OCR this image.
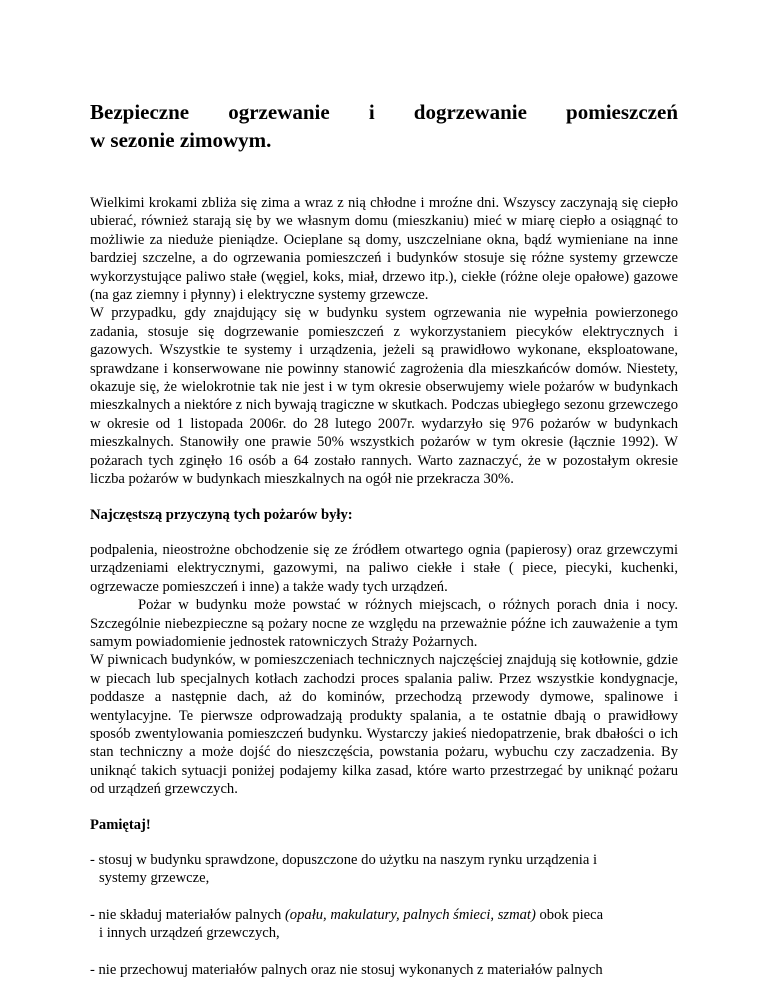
Bezpieczne ogrzewanie i dogrzewanie pomieszczeń
w sezonie zimowym.

Wielkimi krokami zbliża się zima a wraz z nią chłodne i mroźne dni. Wszyscy zaczynają się ciepło ubierać, również starają się by we własnym domu (mieszkaniu) mieć w miarę ciepło a osiągnąć to możliwie za niedużе pieniądze. Ocieplane są domy, uszczelniane okna, bądź wymieniane na inne bardziej szczelne, a do ogrzewania pomieszczeń i budynków stosuje się różne systemy grzewcze wykorzystujące paliwo stałe (węgiel, koks, miał, drzewo itp.), ciekłe (różne oleje opałowe) gazowe (na gaz ziemny i płynny) i elektryczne systemy grzewcze.

W przypadku, gdy znajdujący się w budynku system ogrzewania nie wypełnia powierzonego zadania, stosuje się dogrzewanie pomieszczeń z wykorzystaniem piecyków elektrycznych i gazowych. Wszystkie te systemy i urządzenia, jeżeli są prawidłowo wykonane, eksploatowane, sprawdzane i konserwowane nie powinny stanowić zagrożenia dla mieszkańców domów. Niestety, okazuje się, że wielokrotnie tak nie jest i w tym okresie obserwujemy wiele pożarów w budynkach mieszkalnych a niektóre z nich bywają tragiczne w skutkach. Podczas ubiegłego sezonu grzewczego w okresie od 1 listopada 2006r. do 28 lutego 2007r. wydarzyło się 976 pożarów w budynkach mieszkalnych. Stanowiły one prawie 50% wszystkich pożarów w tym okresie (łącznie 1992). W pożarach tych zginęło 16 osób a 64 zostało rannych. Warto zaznaczyć, że w pozostałym okresie liczba pożarów w budynkach mieszkalnych na ogół nie przekracza 30%.

Najczęstszą przyczyną tych pożarów były:

podpalenia, nieostrożne obchodzenie się ze źródłem otwartego ognia (papierosy) oraz grzewczymi urządzeniami elektrycznymi, gazowymi, na paliwo ciekłe i stałe ( piece, piecyki, kuchenki, ogrzewacze pomieszczeń i inne) a także wady tych urządzeń.

Pożar w budynku może powstać w różnych miejscach, o różnych porach dnia i nocy. Szczególnie niebezpieczne są pożary nocne ze względu na przeważnie późne ich zauważenie a tym samym powiadomienie jednostek ratowniczych Straży Pożarnych.

W piwnicach budynków, w pomieszczeniach technicznych najczęściej znajdują się kotłownie, gdzie w piecach lub specjalnych kotłach zachodzi proces spalania paliw. Przez wszystkie kondygnacje, poddasze a następnie dach, aż do kominów, przechodzą przewody dymowe, spalinowe i wentylacyjne. Te pierwsze odprowadzają produkty spalania, a te ostatnie dbają o prawidłowy sposób zwentylowania pomieszczeń budynku. Wystarczy jakieś niedopatrzenie, brak dbałości o ich stan techniczny a może dojść do nieszczęścia, powstania pożaru, wybuchu czy zaczadzenia. By uniknąć takich sytuacji poniżej podajemy kilka zasad, które warto przestrzegać by uniknąć pożaru od urządzeń grzewczych.

Pamiętaj!

- stosuj w budynku sprawdzone, dopuszczone do użytku na naszym rynku urządzenia i
systemy grzewcze,
- nie składuj materiałów palnych (opału, makulatury, palnych śmieci, szmat) obok pieca
i innych urządzeń grzewczych,
- nie przechowuj materiałów palnych oraz nie stosuj wykonanych z materiałów palnych
